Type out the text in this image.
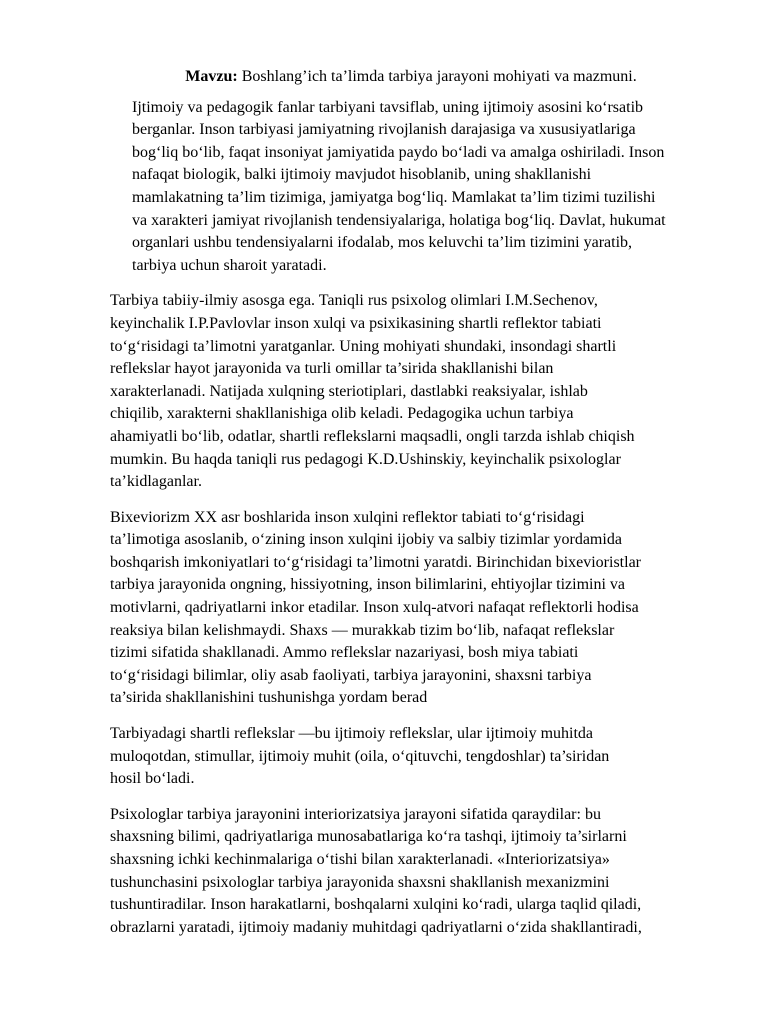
Mavzu: Boshlang’ich ta’limda tarbiya jarayoni mohiyati va mazmuni.
Ijtimoiy va pedagogik fanlar tarbiyani tavsiflab, uning ijtimoiy asosini ko‘rsatib
berganlar. Inson tarbiyasi jamiyatning rivojlanish darajasiga va xususiyatlariga
bog‘liq bo‘lib, faqat insoniyat jamiyatida paydo bo‘ladi va amalga oshiriladi. Inson
nafaqat biologik, balki ijtimoiy mavjudot hisoblanib, uning shakllanishi
mamlakatning ta’lim tizimiga, jamiyatga bog‘liq. Mamlakat ta’lim tizimi tuzilishi
va xarakteri jamiyat rivojlanish tendensiyalariga, holatiga bog‘liq. Davlat, hukumat
organlari ushbu tendensiyalarni ifodalab, mos keluvchi ta’lim tizimini yaratib,
tarbiya uchun sharoit yaratadi.
Tarbiya tabiiy-ilmiy asosga ega. Taniqli rus psixolog olimlari I.M.Sechenov,
keyinchalik I.P.Pavlovlar inson xulqi va psixikasining shartli reflektor tabiati
to‘g‘risidagi ta’limotni yaratganlar. Uning mohiyati shundaki, insondagi shartli
reflekslar hayot jarayonida va turli omillar ta’sirida shakllanishi bilan
xarakterlanadi. Natijada xulqning steriotiplari, dastlabki reaksiyalar, ishlab
chiqilib, xarakterni shakllanishiga olib keladi. Pedagogika uchun tarbiya
ahamiyatli bo‘lib, odatlar, shartli reflekslarni maqsadli, ongli tarzda ishlab chiqish
mumkin. Bu haqda taniqli rus pedagogi K.D.Ushinskiy, keyinchalik psixologlar
ta’kidlaganlar.
Bixeviorizm XX asr boshlarida inson xulqini reflektor tabiati to‘g‘risidagi
ta’limotiga asoslanib, o‘zining inson xulqini ijobiy va salbiy tizimlar yordamida
boshqarish imkoniyatlari to‘g‘risidagi ta’limotni yaratdi. Birinchidan bixevioristlar
tarbiya jarayonida ongning, hissiyotning, inson bilimlarini, ehtiyojlar tizimini va
motivlarni, qadriyatlarni inkor etadilar. Inson xulq-atvori nafaqat reflektorli hodisa
reaksiya bilan kelishmaydi. Shaxs — murakkab tizim bo‘lib, nafaqat reflekslar
tizimi sifatida shakllanadi. Ammo reflekslar nazariyasi, bosh miya tabiati
to‘g‘risidagi bilimlar, oliy asab faoliyati, tarbiya jarayonini, shaxsni tarbiya
ta’sirida shakllanishini tushunishga yordam berad
Tarbiyadagi shartli reflekslar —bu ijtimoiy reflekslar, ular ijtimoiy muhitda
muloqotdan, stimullar, ijtimoiy muhit (oila, o‘qituvchi, tengdoshlar) ta’siridan
hosil bo‘ladi.
Psixologlar tarbiya jarayonini interiorizatsiya jarayoni sifatida qaraydilar: bu
shaxsning bilimi, qadriyatlariga munosabatlariga ko‘ra tashqi, ijtimoiy ta’sirlarni
shaxsning ichki kechinmalariga o‘tishi bilan xarakterlanadi. «Interiorizatsiya»
tushunchasini psixologlar tarbiya jarayonida shaxsni shakllanish mexanizmini
tushuntiradilar. Inson harakatlarni, boshqalarni xulqini ko‘radi, ularga taqlid qiladi,
obrazlarni yaratadi, ijtimoiy madaniy muhitdagi qadriyatlarni o‘zida shakllantiradi,
